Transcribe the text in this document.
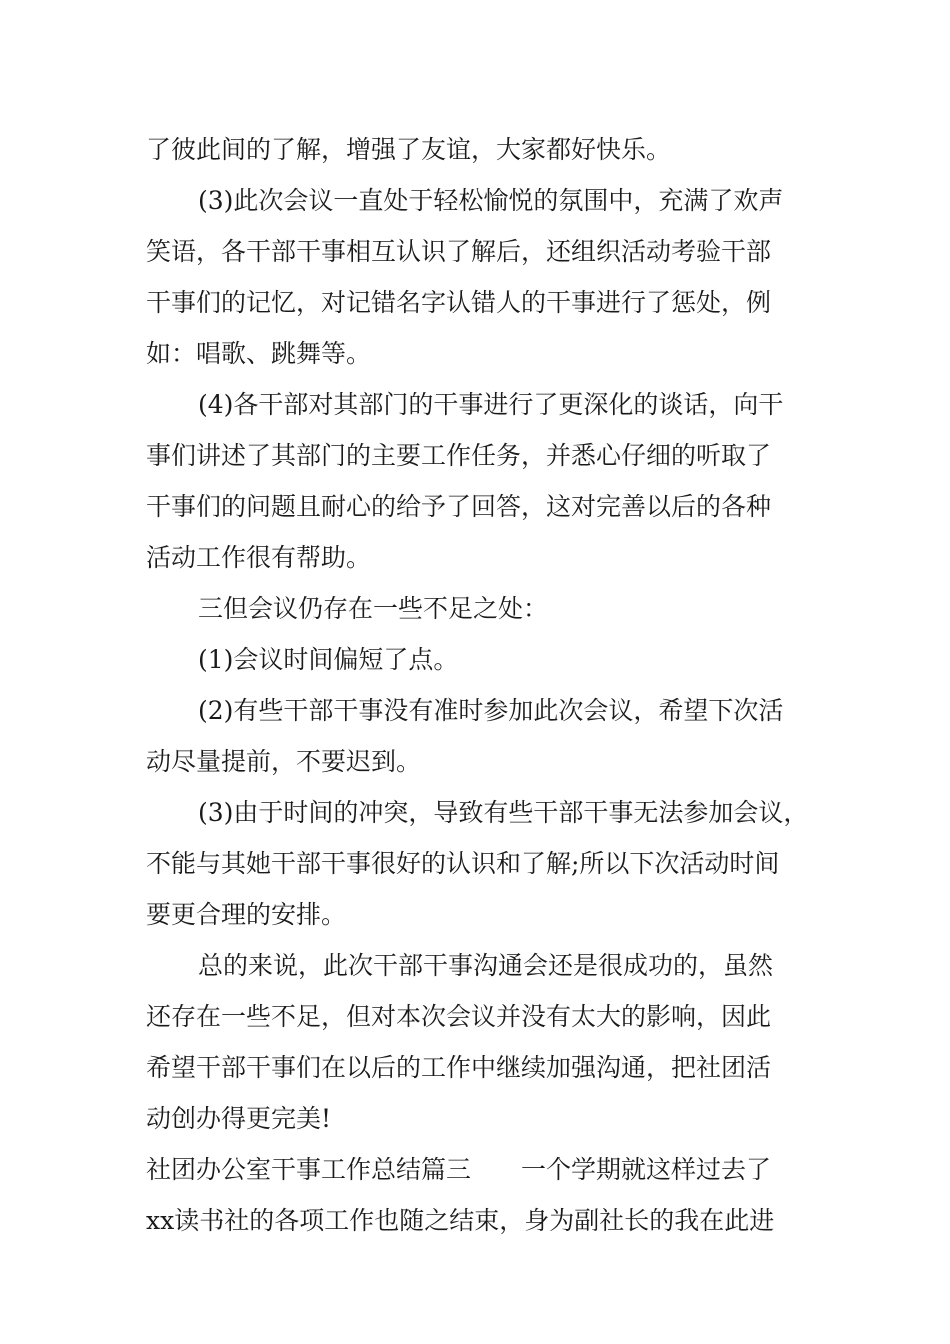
了彼此间的了解，增强了友谊，大家都好快乐。
(3)此次会议一直处于轻松愉悦的氛围中，充满了欢声
笑语，各干部干事相互认识了解后，还组织活动考验干部
干事们的记忆，对记错名字认错人的干事进行了惩处，例
如：唱歌、跳舞等。
(4)各干部对其部门的干事进行了更深化的谈话，向干
事们讲述了其部门的主要工作任务，并悉心仔细的听取了
干事们的问题且耐心的给予了回答，这对完善以后的各种
活动工作很有帮助。
三但会议仍存在一些不足之处：
(1)会议时间偏短了点。
(2)有些干部干事没有准时参加此次会议，希望下次活
动尽量提前，不要迟到。
(3)由于时间的冲突，导致有些干部干事无法参加会议，
不能与其她干部干事很好的认识和了解;所以下次活动时间
要更合理的安排。
总的来说，此次干部干事沟通会还是很成功的，虽然
还存在一些不足，但对本次会议并没有太大的影响，因此
希望干部干事们在以后的工作中继续加强沟通，把社团活
动创办得更完美!
社团办公室干事工作总结篇三　　一个学期就这样过去了
xx读书社的各项工作也随之结束，身为副社长的我在此进
